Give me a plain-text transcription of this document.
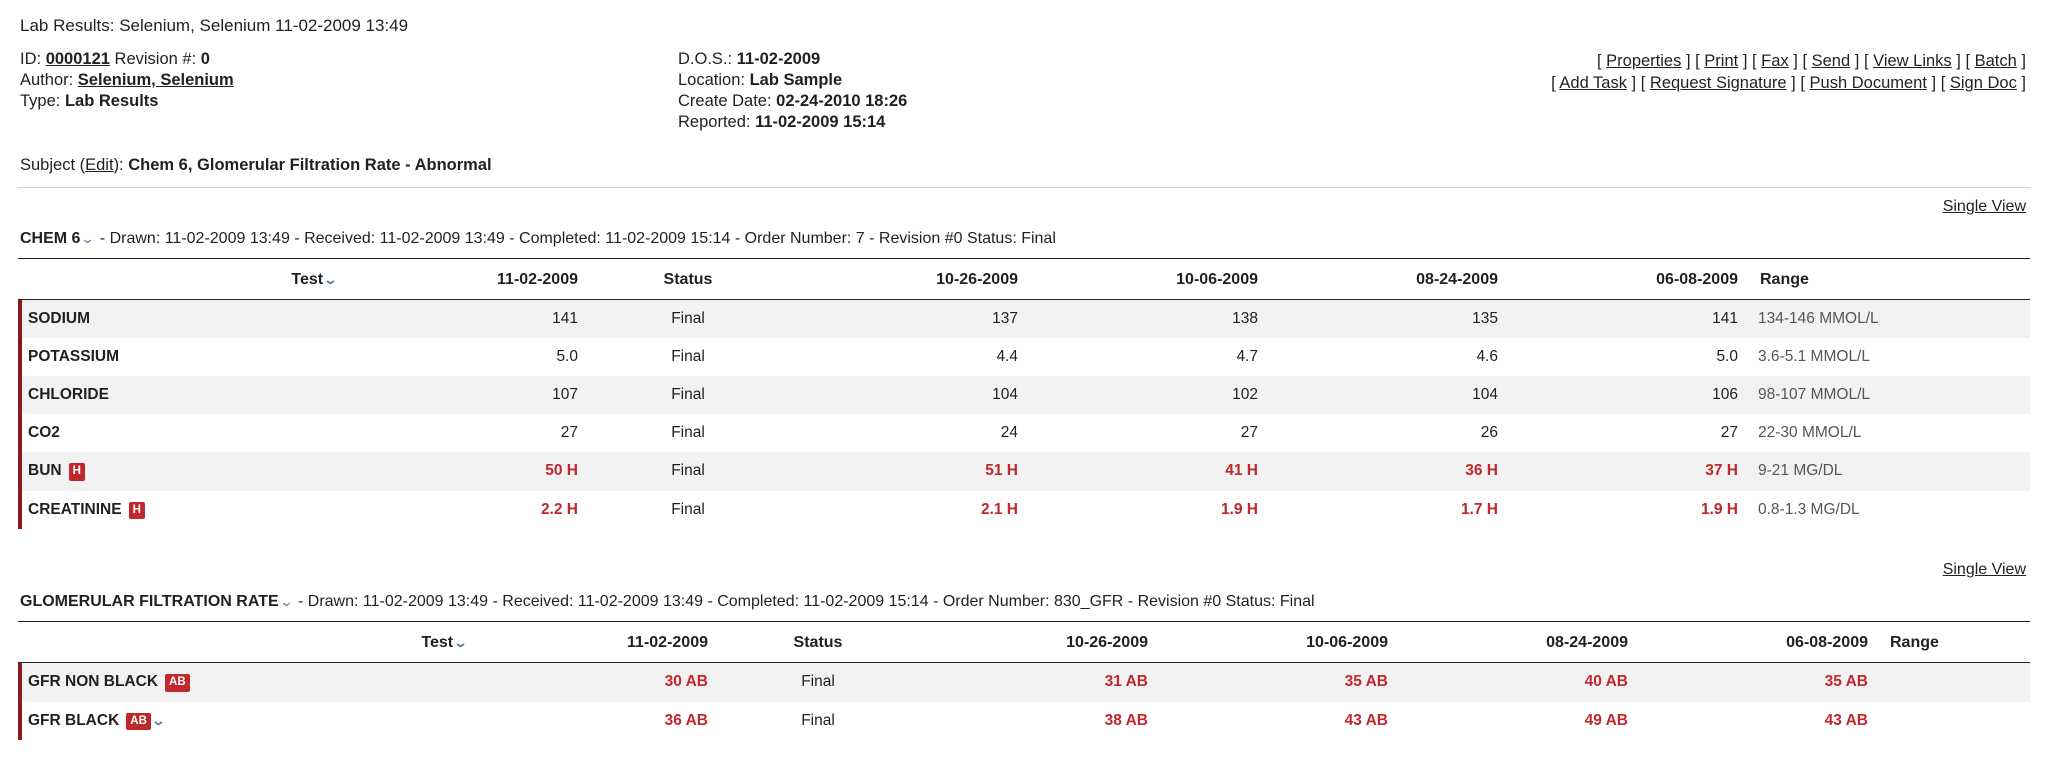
Lab Results: Selenium, Selenium 11-02-2009 13:49
ID: 0000121 Revision #: 0
Author: Selenium, Selenium
Type: Lab Results
D.O.S.: 11-02-2009
Location: Lab Sample
Create Date: 02-24-2010 18:26
Reported: 11-02-2009 15:14
[ Properties ] [ Print ] [ Fax ] [ Send ] [ View Links ] [ Batch ]
[ Add Task ] [ Request Signature ] [ Push Document ] [ Sign Doc ]
Subject (Edit): Chem 6, Glomerular Filtration Rate - Abnormal
Single View
CHEM 6⌄ - Drawn: 11-02-2009 13:49 - Received: 11-02-2009 13:49 - Completed: 11-02-2009 15:14 - Order Number: 7 - Revision #0 Status: Final
Test⌄	11-02-2009	Status	10-26-2009	10-06-2009	08-24-2009	06-08-2009	Range

SODIUM	141	Final	137	138	135	141	134-146 MMOL/L

POTASSIUM	5.0	Final	4.4	4.7	4.6	5.0	3.6-5.1 MMOL/L

CHLORIDE	107	Final	104	102	104	106	98-107 MMOL/L

CO2	27	Final	24	27	26	27	22-30 MMOL/L

BUN H	50 H	Final	51 H	41 H	36 H	37 H	9-21 MG/DL

CREATININE H	2.2 H	Final	2.1 H	1.9 H	1.7 H	1.9 H	0.8-1.3 MG/DL
Single View
GLOMERULAR FILTRATION RATE⌄ - Drawn: 11-02-2009 13:49 - Received: 11-02-2009 13:49 - Completed: 11-02-2009 15:14 - Order Number: 830_GFR - Revision #0 Status: Final
Test⌄	11-02-2009	Status	10-26-2009	10-06-2009	08-24-2009	06-08-2009	Range

GFR NON BLACK AB	30 AB	Final	31 AB	35 AB	40 AB	35 AB	

GFR BLACK AB ⌄	36 AB	Final	38 AB	43 AB	49 AB	43 AB	
